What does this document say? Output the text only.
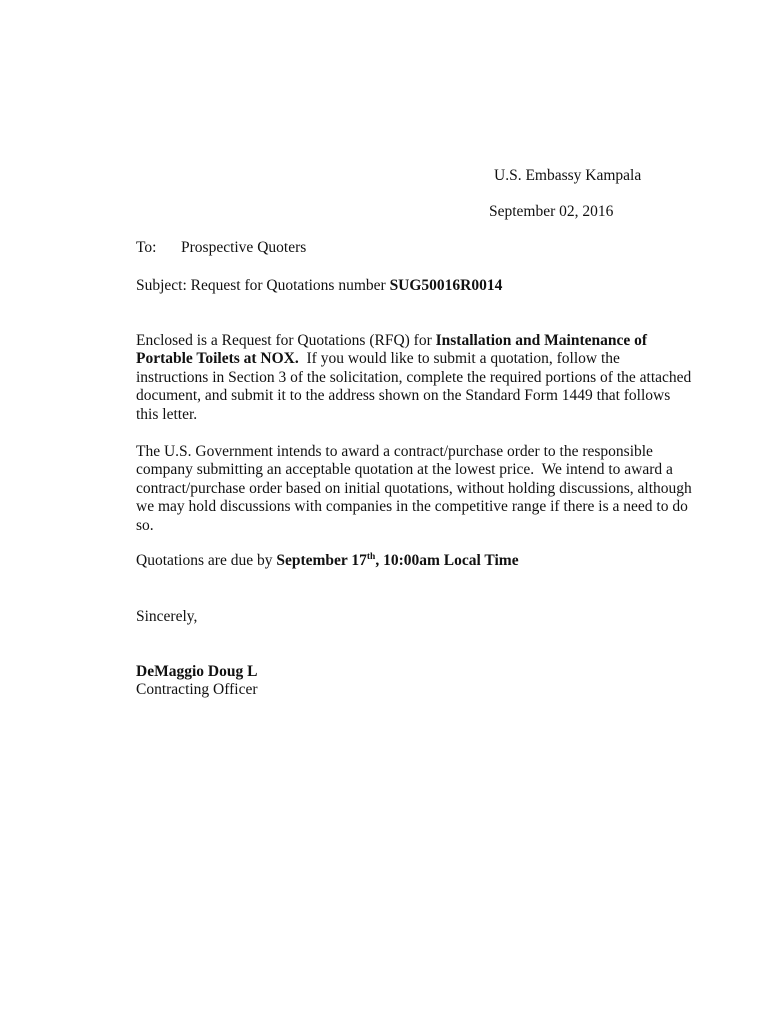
U.S. Embassy Kampala
September 02, 2016
To: Prospective Quoters
Subject: Request for Quotations number SUG50016R0014
Enclosed is a Request for Quotations (RFQ) for Installation and Maintenance of
Portable Toilets at NOX.  If you would like to submit a quotation, follow the
instructions in Section 3 of the solicitation, complete the required portions of the attached
document, and submit it to the address shown on the Standard Form 1449 that follows
this letter.
The U.S. Government intends to award a contract/purchase order to the responsible
company submitting an acceptable quotation at the lowest price.  We intend to award a
contract/purchase order based on initial quotations, without holding discussions, although
we may hold discussions with companies in the competitive range if there is a need to do
so.
Quotations are due by September 17th, 10:00am Local Time
Sincerely,
DeMaggio Doug L
Contracting Officer
